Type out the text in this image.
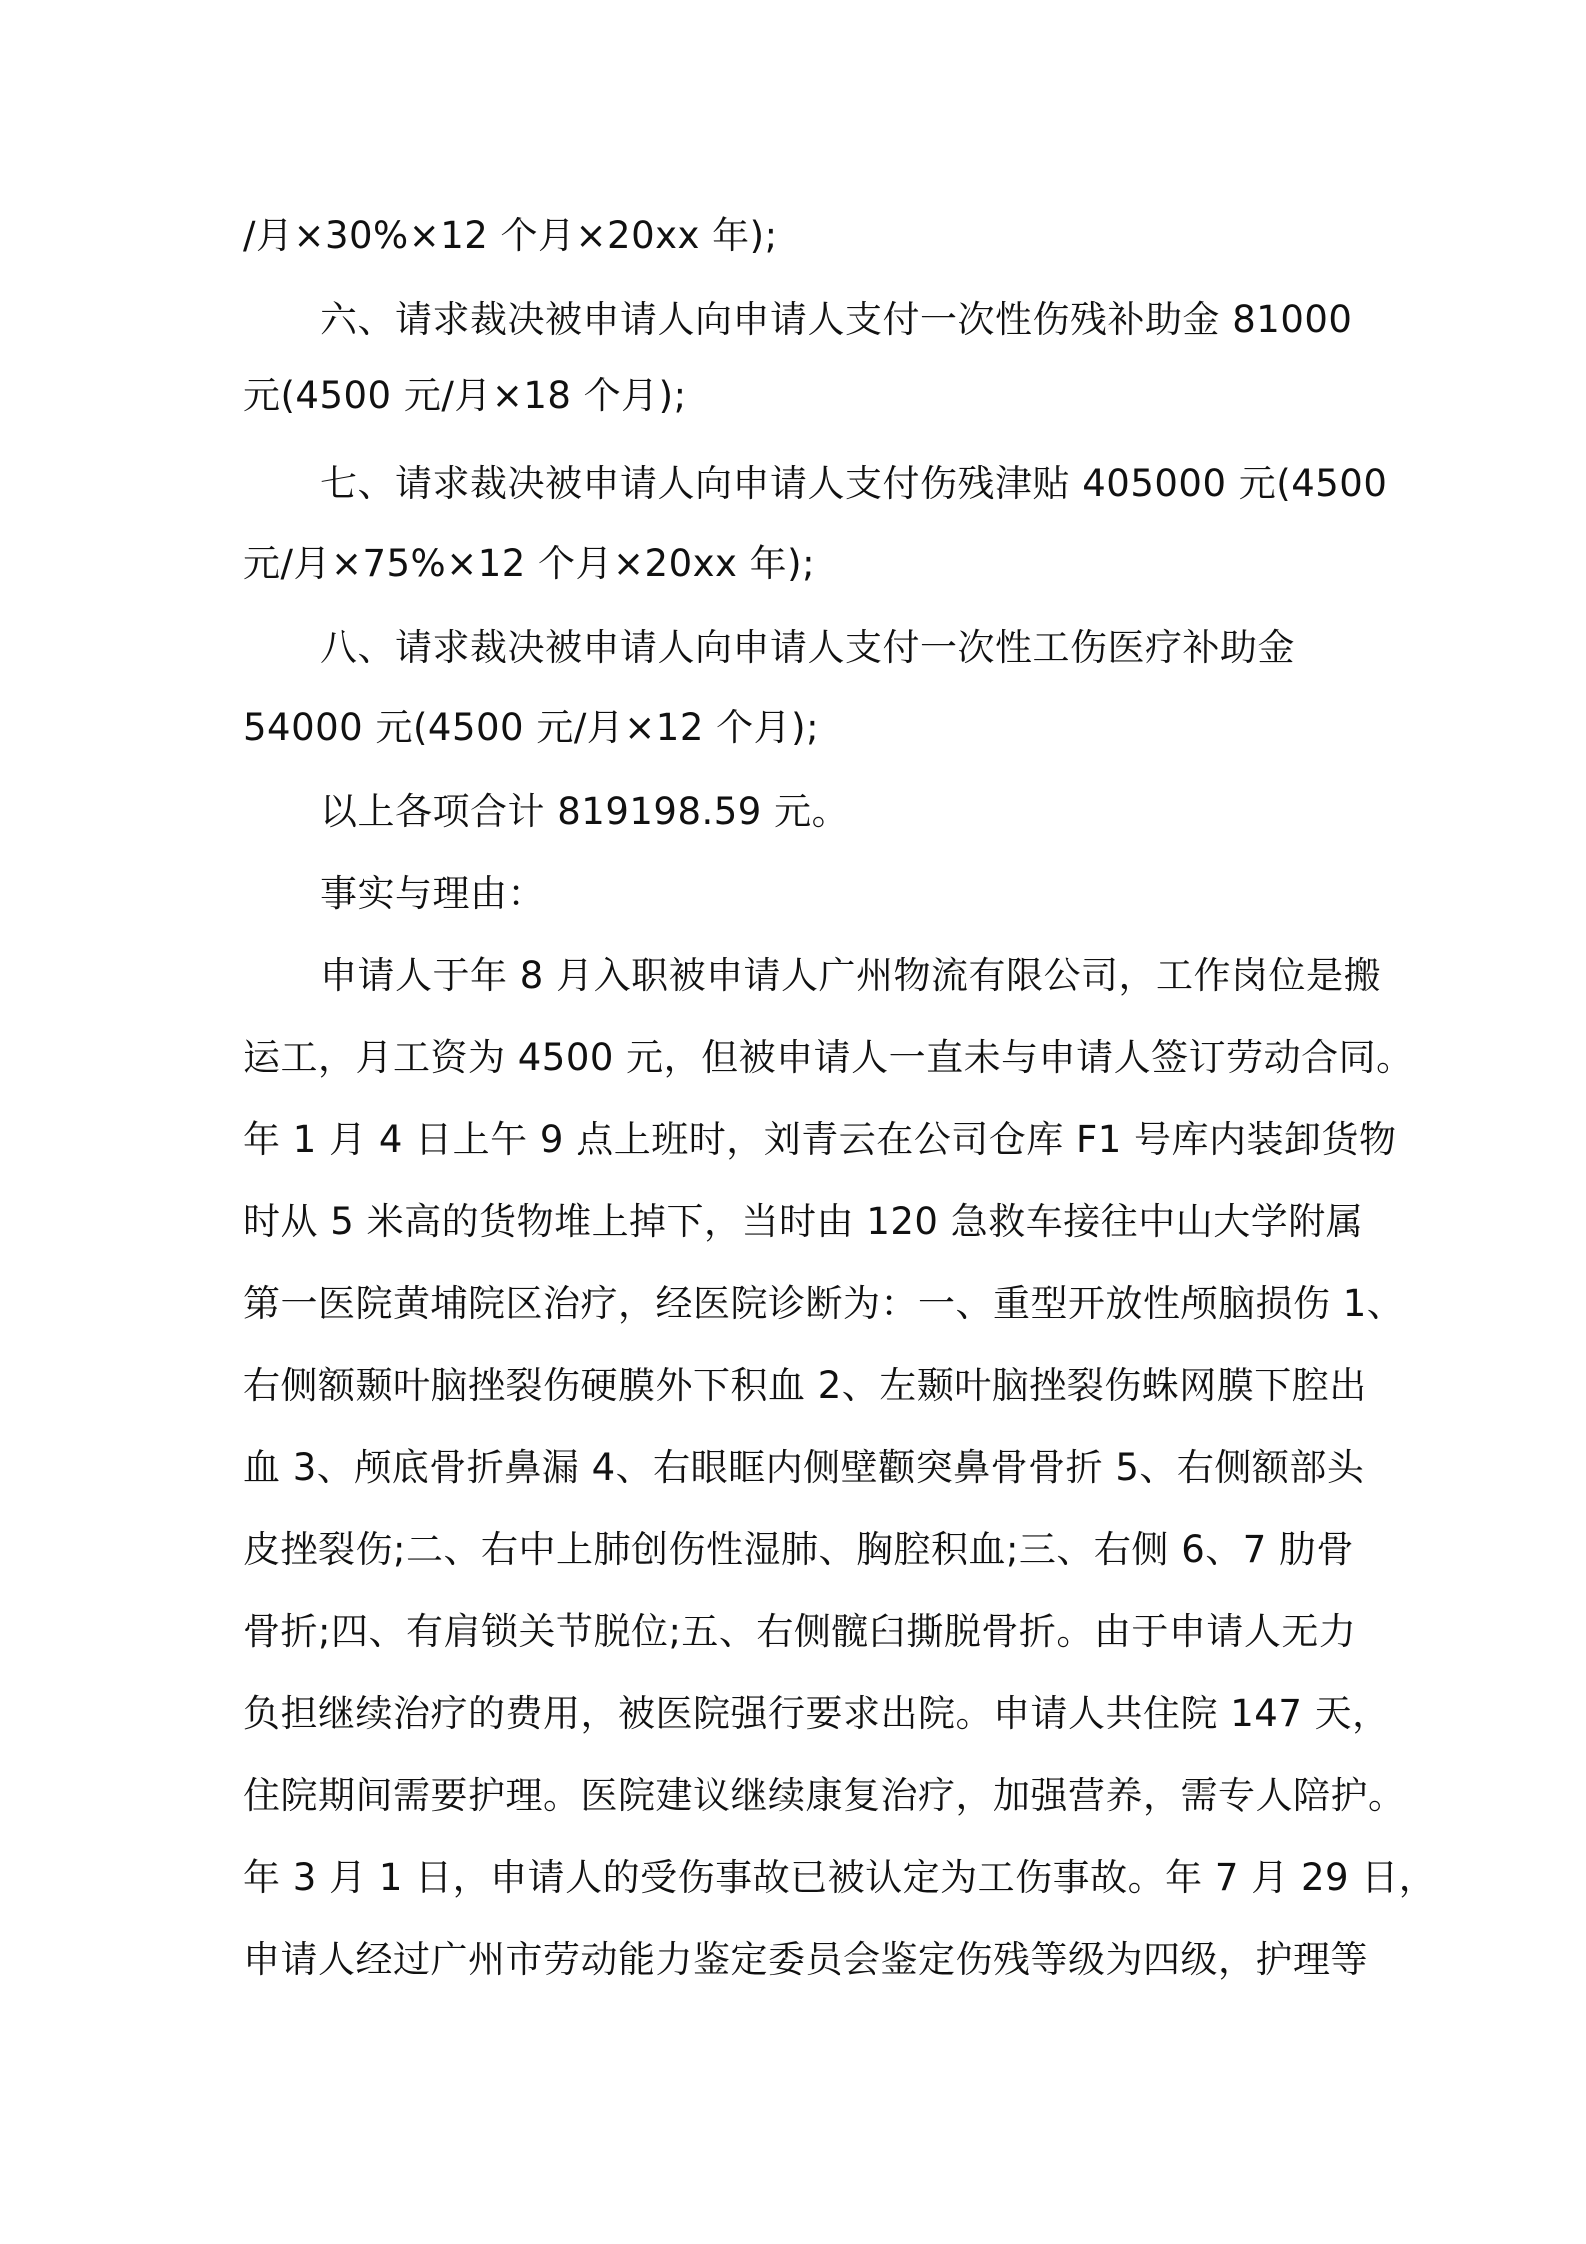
/月×30%×12 个月×20xx 年);
六、请求裁决被申请人向申请人支付一次性伤残补助金 81000
元(4500 元/月×18 个月);
七、请求裁决被申请人向申请人支付伤残津贴 405000 元(4500
元/月×75%×12 个月×20xx 年);
八、请求裁决被申请人向申请人支付一次性工伤医疗补助金
54000 元(4500 元/月×12 个月);
以上各项合计 819198.59 元。
事实与理由：
申请人于年 8 月入职被申请人广州物流有限公司，工作岗位是搬
运工，月工资为 4500 元，但被申请人一直未与申请人签订劳动合同。
年 1 月 4 日上午 9 点上班时，刘青云在公司仓库 F1 号库内装卸货物
时从 5 米高的货物堆上掉下，当时由 120 急救车接往中山大学附属
第一医院黄埔院区治疗，经医院诊断为：一、重型开放性颅脑损伤 1、
右侧额颞叶脑挫裂伤硬膜外下积血 2、左颞叶脑挫裂伤蛛网膜下腔出
血 3、颅底骨折鼻漏 4、右眼眶内侧壁颧突鼻骨骨折 5、右侧额部头
皮挫裂伤;二、右中上肺创伤性湿肺、胸腔积血;三、右侧 6、7 肋骨
骨折;四、有肩锁关节脱位;五、右侧髋臼撕脱骨折。由于申请人无力
负担继续治疗的费用，被医院强行要求出院。申请人共住院 147 天，
住院期间需要护理。医院建议继续康复治疗，加强营养，需专人陪护。
年 3 月 1 日，申请人的受伤事故已被认定为工伤事故。年 7 月 29 日，
申请人经过广州市劳动能力鉴定委员会鉴定伤残等级为四级，护理等
